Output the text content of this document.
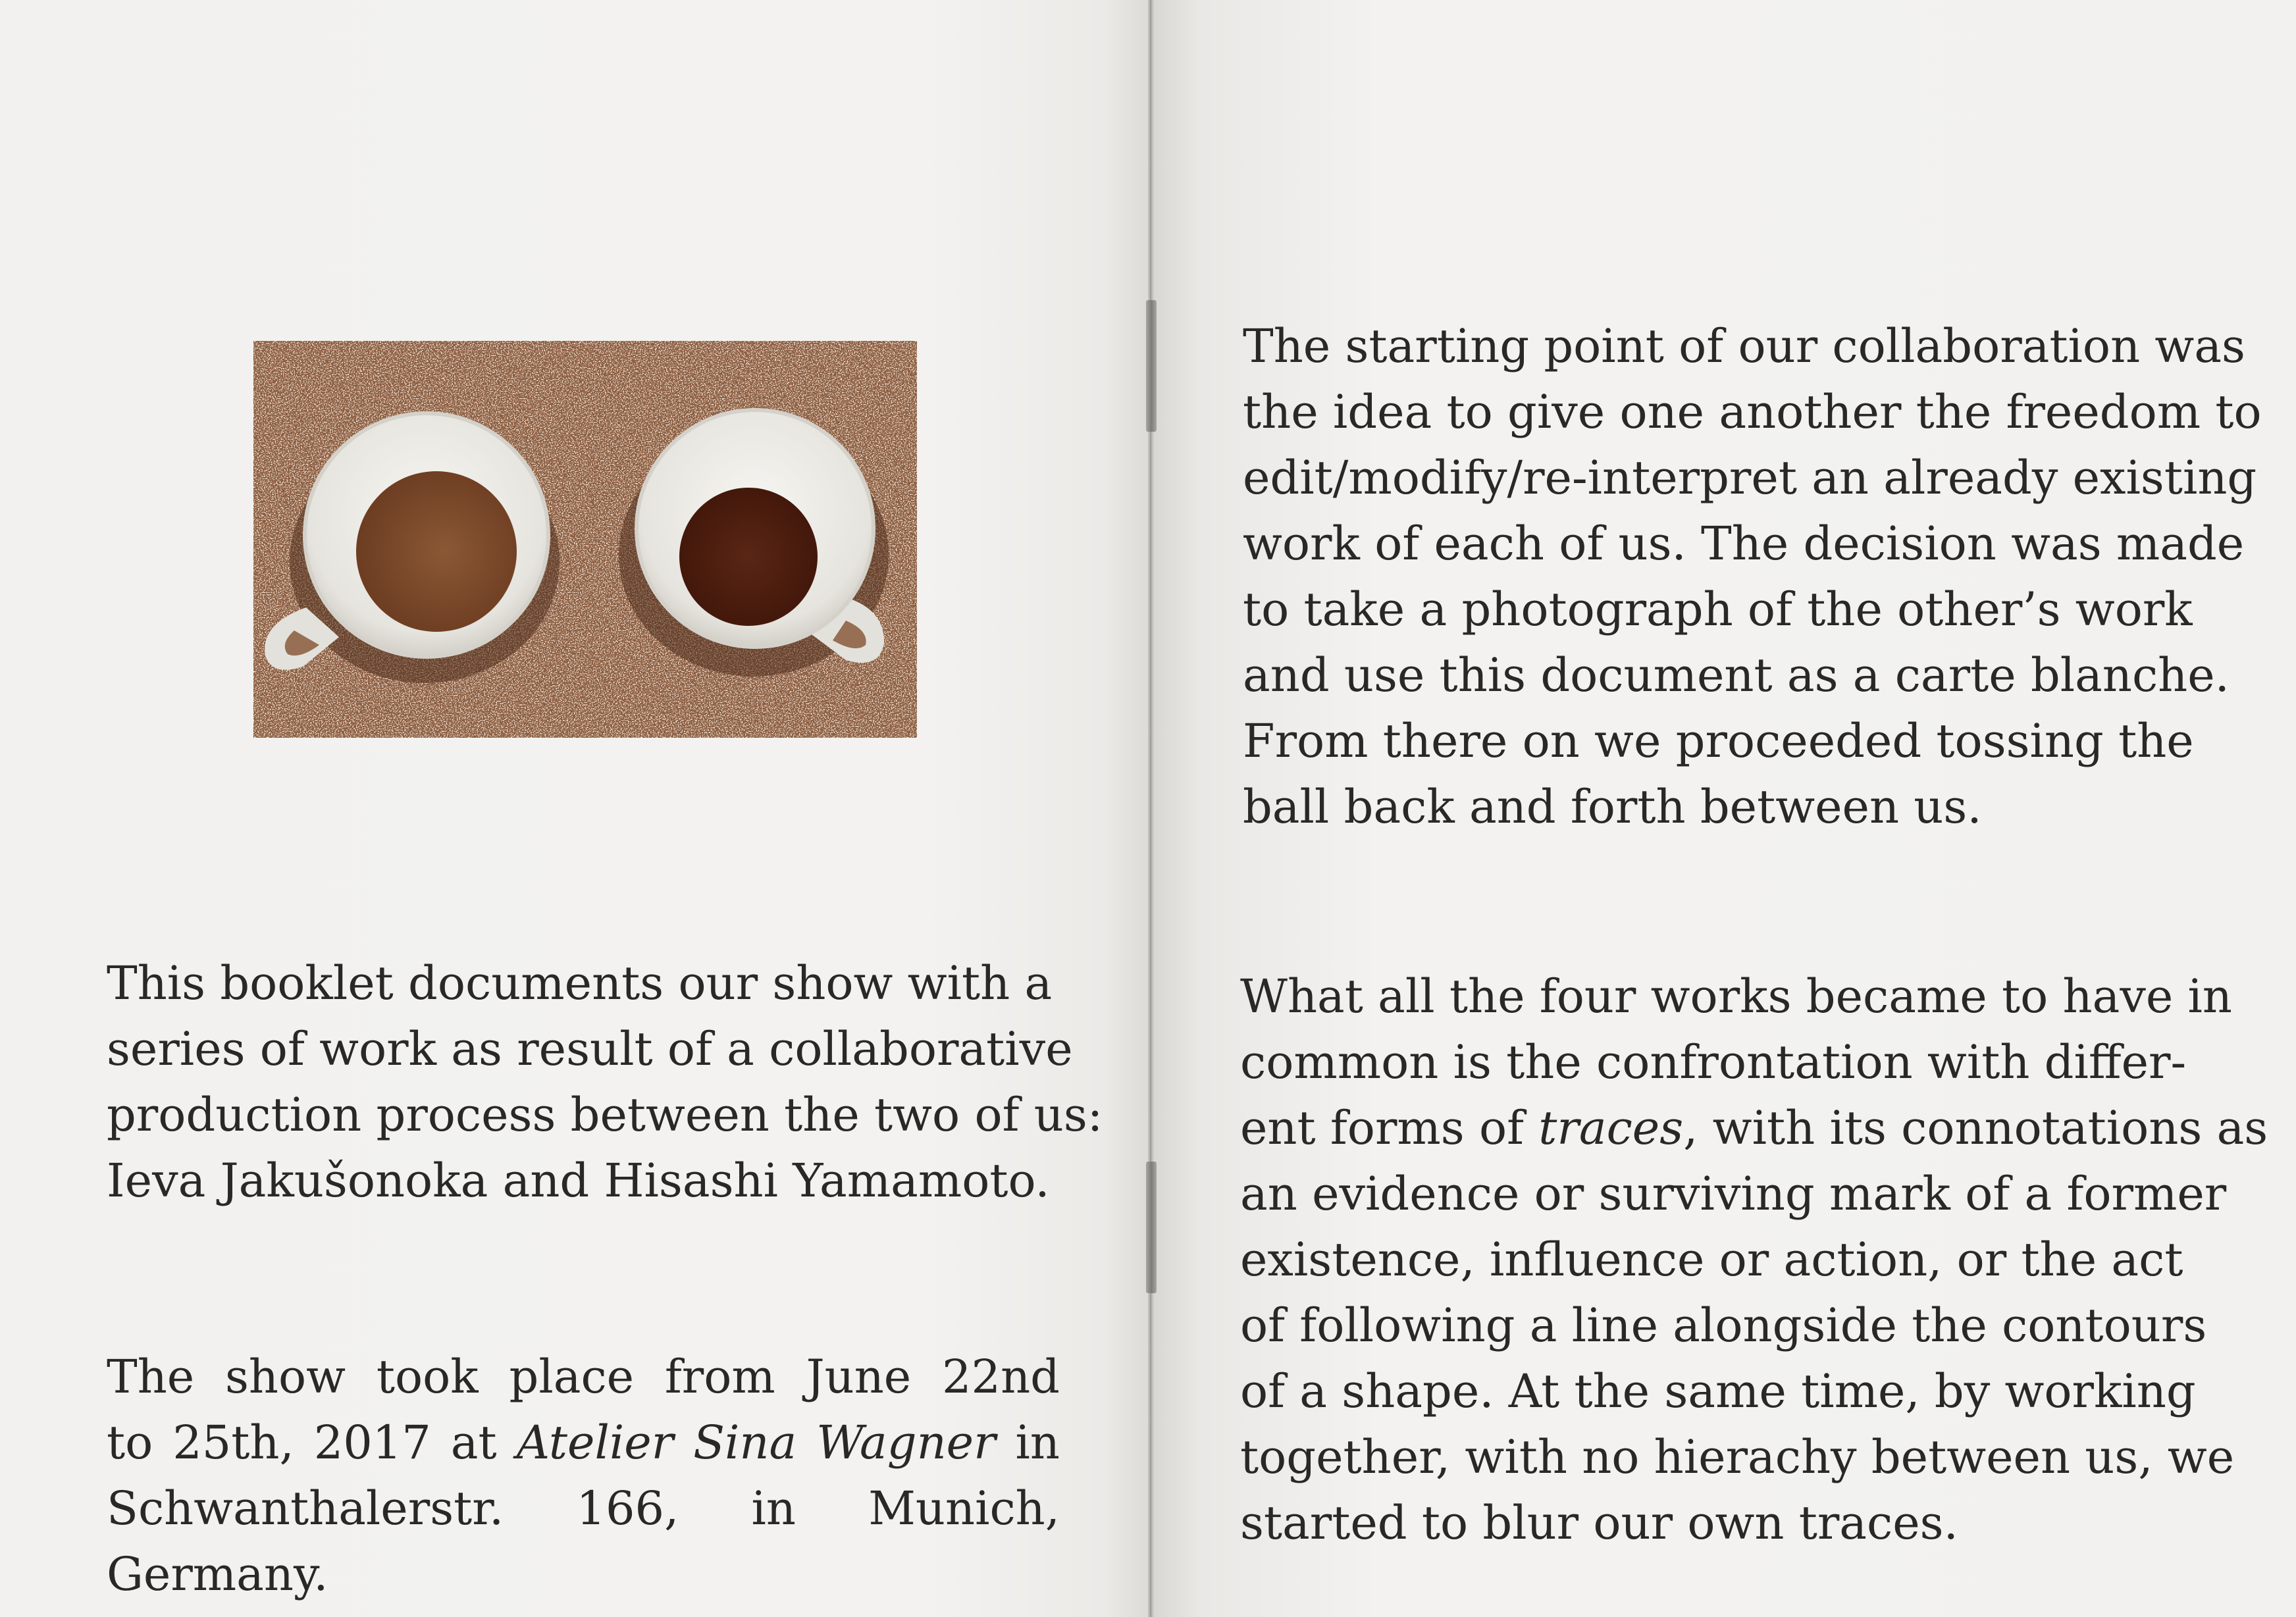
This booklet documents our show with a
series of work as result of a collaborative
production process between the two of us:
Ieva Jakušonoka and Hisashi Yamamoto.

The show took place from June 22nd
to 25th, 2017 at Atelier Sina Wagner in
Schwanthalerstr. 166, in Munich, Germany.

The starting point of our collaboration was
the idea to give one another the freedom to
edit/modify/re-interpret an already existing
work of each of us. The decision was made
to take a photograph of the other’s work
and use this document as a carte blanche.
From there on we proceeded tossing the
ball back and forth between us.

What all the four works became to have in
common is the confrontation with differ-
ent forms of traces, with its connotations as
an evidence or surviving mark of a former
existence, influence or action, or the act
of following a line alongside the contours
of a shape. At the same time, by working
together, with no hierachy between us, we
started to blur our own traces.
